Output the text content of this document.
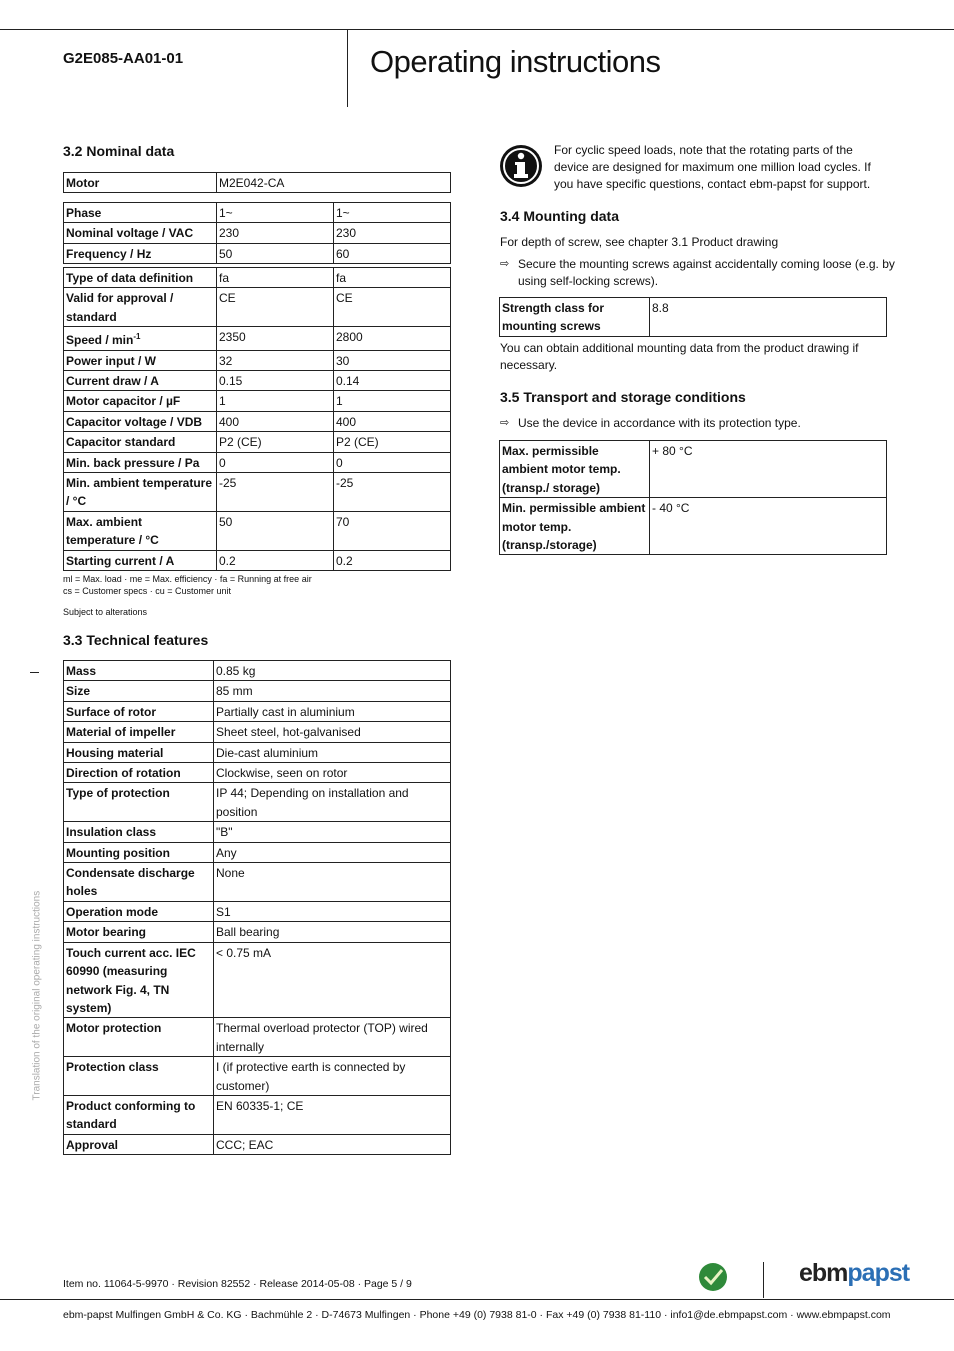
G2E085-AA01-01	Operating instructions
Translation of the original operating instructions
3.2 Nominal data
Motor	M2E042-CA
Phase	1~	1~
Nominal voltage / VAC	230	230
Frequency / Hz	50	60
Type of data definition	fa	fa
Valid for approval / standard	CE	CE
Speed / $\min^{-1}$	2350	2800
Power input / W	32	30
Current draw / A	0.15	0.14
Motor capacitor / µF	1	1
Capacitor voltage / VDB	400	400
Capacitor standard	P2 (CE)	P2 (CE)
Min. back pressure / Pa	0	0
Min. ambient temperature / °C	-25	-25
Max. ambient temperature / °C	50	70
Starting current / A	0.2	0.2
ml = Max. load · me = Max. efficiency · fa = Running at free air
cs = Customer specs · cu = Customer unit
Subject to alterations
3.3 Technical features
Mass	0.85 kg
Size	85 mm
Surface of rotor	Partially cast in aluminium
Material of impeller	Sheet steel, hot-galvanised
Housing material	Die-cast aluminium
Direction of rotation	Clockwise, seen on rotor
Type of protection	IP 44; Depending on installation and position
Insulation class	"B"
Mounting position	Any
Condensate discharge holes	None
Operation mode	S1
Motor bearing	Ball bearing
Touch current acc. IEC 60990 (measuring network Fig. 4, TN system)	< 0.75 mA
Motor protection	Thermal overload protector (TOP) wired internally
Protection class	I (if protective earth is connected by customer)
Product conforming to standard	EN 60335-1; CE
Approval	CCC; EAC
For cyclic speed loads, note that the rotating parts of the device are designed for maximum one million load cycles. If you have specific questions, contact ebm-papst for support.
3.4 Mounting data
For depth of screw, see chapter 3.1 Product drawing
⇨ Secure the mounting screws against accidentally coming loose (e.g. by using self-locking screws).
Strength class for mounting screws	8.8
You can obtain additional mounting data from the product drawing if necessary.
3.5 Transport and storage conditions
⇨ Use the device in accordance with its protection type.
Max. permissible ambient motor temp. (transp./ storage)	+ 80 °C
Min. permissible ambient motor temp. (transp./storage)	- 40 °C
Item no. 11064-5-9970 · Revision 82552 · Release 2014-05-08 · Page 5 / 9	ebmpapst
ebm-papst Mulfingen GmbH & Co. KG · Bachmühle 2 · D-74673 Mulfingen · Phone +49 (0) 7938 81-0 · Fax +49 (0) 7938 81-110 · info1@de.ebmpapst.com · www.ebmpapst.com
